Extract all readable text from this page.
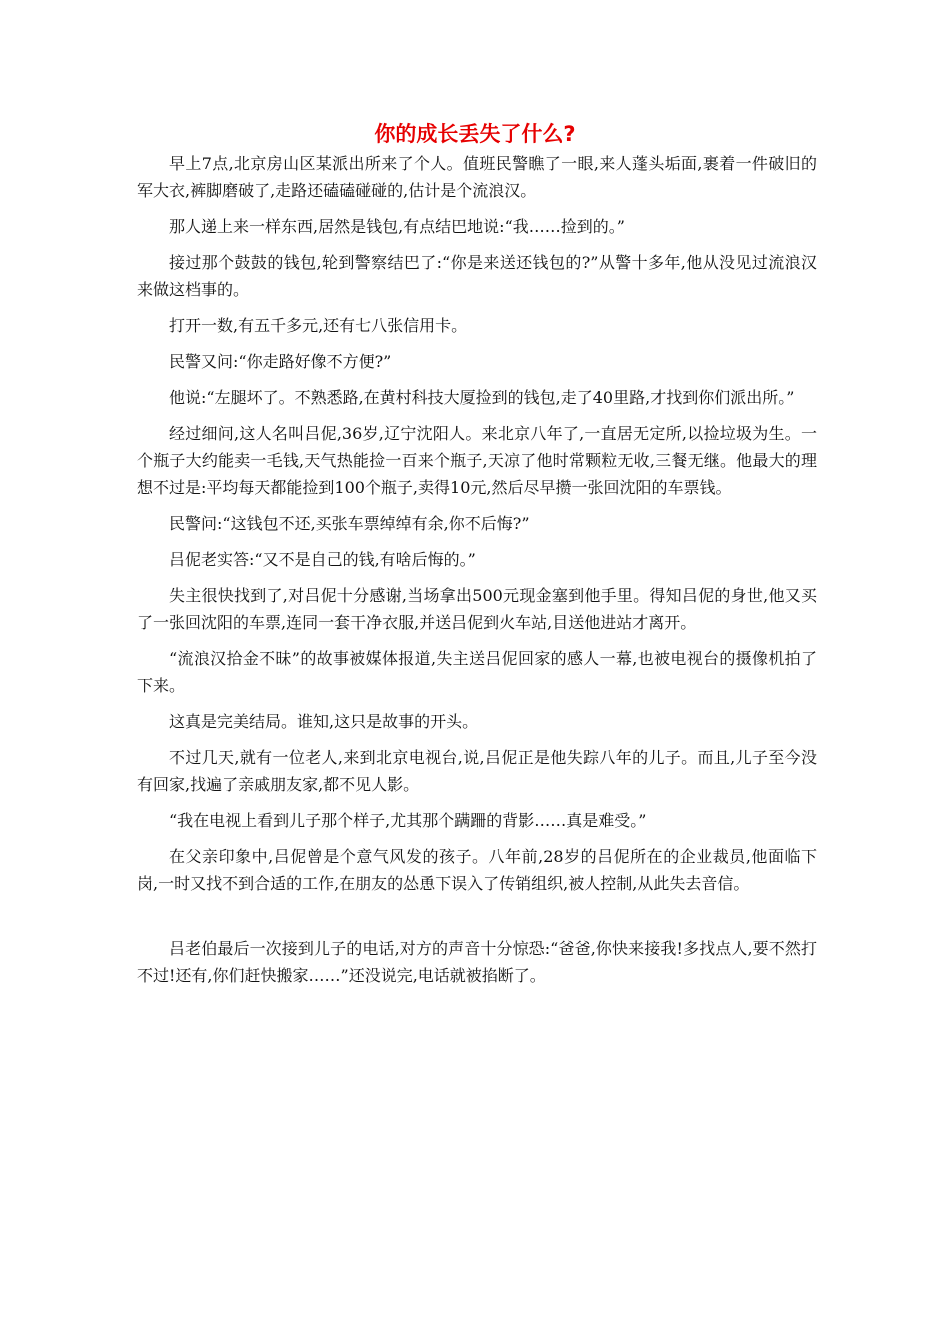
你的成长丢失了什么?

早上7点,北京房山区某派出所来了个人。值班民警瞧了一眼,来人蓬头垢面,裹着一件破旧的军大衣,裤脚磨破了,走路还磕磕碰碰的,估计是个流浪汉。

那人递上来一样东西,居然是钱包,有点结巴地说:“我……捡到的。”

接过那个鼓鼓的钱包,轮到警察结巴了:“你是来送还钱包的?”从警十多年,他从没见过流浪汉来做这档事的。

打开一数,有五千多元,还有七八张信用卡。

民警又问:“你走路好像不方便?”

他说:“左腿坏了。不熟悉路,在黄村科技大厦捡到的钱包,走了40里路,才找到你们派出所。”

经过细问,这人名叫吕伲,36岁,辽宁沈阳人。来北京八年了,一直居无定所,以捡垃圾为生。一个瓶子大约能卖一毛钱,天气热能捡一百来个瓶子,天凉了他时常颗粒无收,三餐无继。他最大的理想不过是:平均每天都能捡到100个瓶子,卖得10元,然后尽早攒一张回沈阳的车票钱。

民警问:“这钱包不还,买张车票绰绰有余,你不后悔?”

吕伲老实答:“又不是自己的钱,有啥后悔的。”

失主很快找到了,对吕伲十分感谢,当场拿出500元现金塞到他手里。得知吕伲的身世,他又买了一张回沈阳的车票,连同一套干净衣服,并送吕伲到火车站,目送他进站才离开。

“流浪汉拾金不昧”的故事被媒体报道,失主送吕伲回家的感人一幕,也被电视台的摄像机拍了下来。

这真是完美结局。谁知,这只是故事的开头。

不过几天,就有一位老人,来到北京电视台,说,吕伲正是他失踪八年的儿子。而且,儿子至今没有回家,找遍了亲戚朋友家,都不见人影。

“我在电视上看到儿子那个样子,尤其那个蹒跚的背影……真是难受。”

在父亲印象中,吕伲曾是个意气风发的孩子。八年前,28岁的吕伲所在的企业裁员,他面临下岗,一时又找不到合适的工作,在朋友的怂恿下误入了传销组织,被人控制,从此失去音信。

吕老伯最后一次接到儿子的电话,对方的声音十分惊恐:“爸爸,你快来接我!多找点人,要不然打不过!还有,你们赶快搬家……”还没说完,电话就被掐断了。
